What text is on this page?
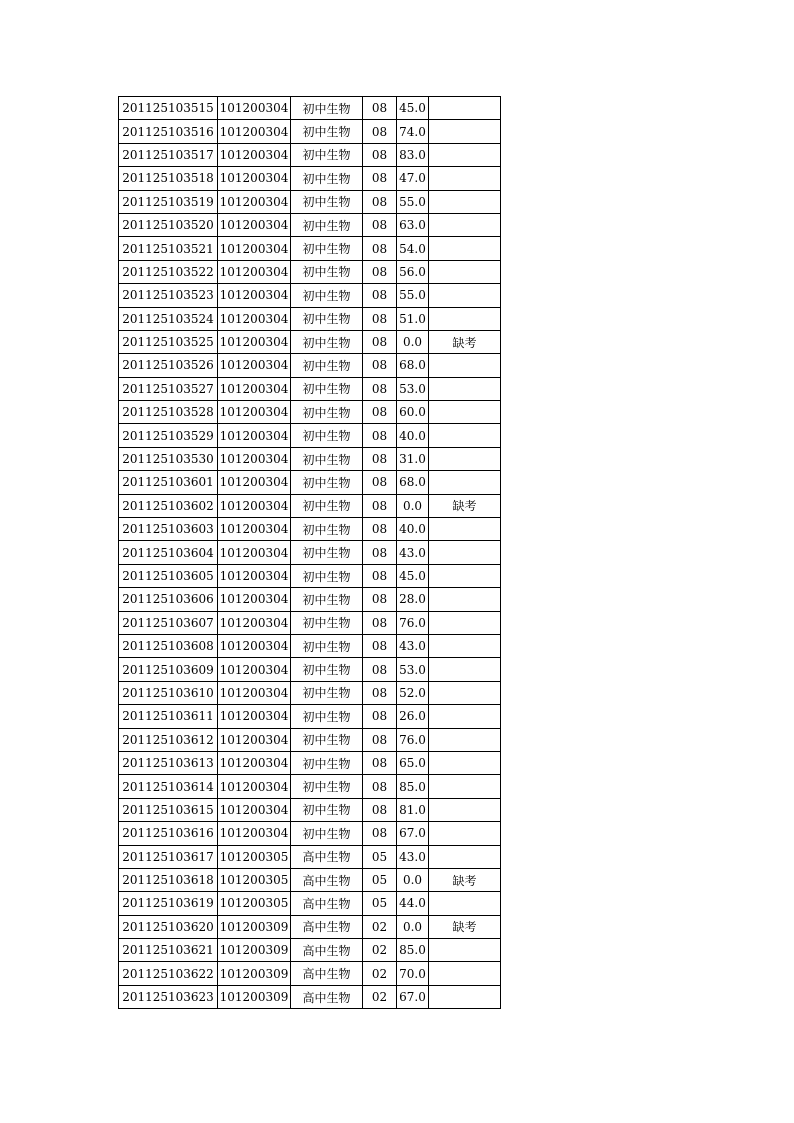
201125103515	101200304	初中生物	08	45.0	
201125103516	101200304	初中生物	08	74.0	
201125103517	101200304	初中生物	08	83.0	
201125103518	101200304	初中生物	08	47.0	
201125103519	101200304	初中生物	08	55.0	
201125103520	101200304	初中生物	08	63.0	
201125103521	101200304	初中生物	08	54.0	
201125103522	101200304	初中生物	08	56.0	
201125103523	101200304	初中生物	08	55.0	
201125103524	101200304	初中生物	08	51.0	
201125103525	101200304	初中生物	08	0.0	缺考
201125103526	101200304	初中生物	08	68.0	
201125103527	101200304	初中生物	08	53.0	
201125103528	101200304	初中生物	08	60.0	
201125103529	101200304	初中生物	08	40.0	
201125103530	101200304	初中生物	08	31.0	
201125103601	101200304	初中生物	08	68.0	
201125103602	101200304	初中生物	08	0.0	缺考
201125103603	101200304	初中生物	08	40.0	
201125103604	101200304	初中生物	08	43.0	
201125103605	101200304	初中生物	08	45.0	
201125103606	101200304	初中生物	08	28.0	
201125103607	101200304	初中生物	08	76.0	
201125103608	101200304	初中生物	08	43.0	
201125103609	101200304	初中生物	08	53.0	
201125103610	101200304	初中生物	08	52.0	
201125103611	101200304	初中生物	08	26.0	
201125103612	101200304	初中生物	08	76.0	
201125103613	101200304	初中生物	08	65.0	
201125103614	101200304	初中生物	08	85.0	
201125103615	101200304	初中生物	08	81.0	
201125103616	101200304	初中生物	08	67.0	
201125103617	101200305	高中生物	05	43.0	
201125103618	101200305	高中生物	05	0.0	缺考
201125103619	101200305	高中生物	05	44.0	
201125103620	101200309	高中生物	02	0.0	缺考
201125103621	101200309	高中生物	02	85.0	
201125103622	101200309	高中生物	02	70.0	
201125103623	101200309	高中生物	02	67.0	
